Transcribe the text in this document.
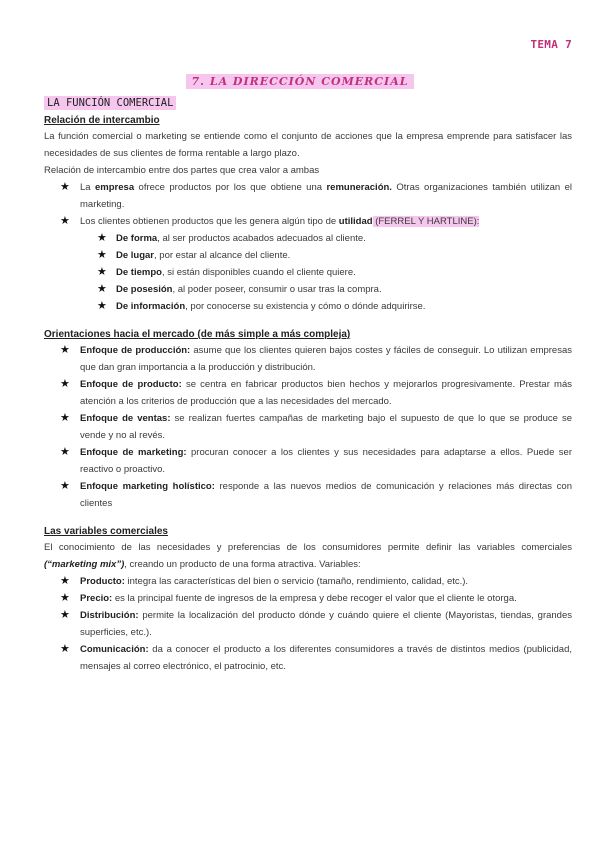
TEMA 7
7. LA DIRECCIÓN COMERCIAL
LA FUNCIÓN COMERCIAL
Relación de intercambio

La función comercial o marketing se entiende como el conjunto de acciones que la empresa emprende para satisfacer las necesidades de sus clientes de forma rentable a largo plazo.

Relación de intercambio entre dos partes que crea valor a ambas

★ La empresa ofrece productos por los que obtiene una remuneración. Otras organizaciones también utilizan el marketing.
★ Los clientes obtienen productos que les genera algún tipo de utilidad (FERREL Y HARTLINE):
★ De forma, al ser productos acabados adecuados al cliente.
★ De lugar, por estar al alcance del cliente.
★ De tiempo, si están disponibles cuando el cliente quiere.
★ De posesión, al poder poseer, consumir o usar tras la compra.
★ De información, por conocerse su existencia y cómo o dónde adquirirse.
Orientaciones hacia el mercado (de más simple a más compleja)
★ Enfoque de producción: asume que los clientes quieren bajos costes y fáciles de conseguir. Lo utilizan empresas que dan gran importancia a la producción y distribución.
★ Enfoque de producto: se centra en fabricar productos bien hechos y mejorarlos progresivamente. Prestar más atención a los criterios de producción que a las necesidades del mercado.
★ Enfoque de ventas: se realizan fuertes campañas de marketing bajo el supuesto de que lo que se produce se vende y no al revés.
★ Enfoque de marketing: procuran conocer a los clientes y sus necesidades para adaptarse a ellos. Puede ser reactivo o proactivo.
★ Enfoque marketing holístico: responde a las nuevos medios de comunicación y relaciones más directas con clientes
Las variables comerciales

El conocimiento de las necesidades y preferencias de los consumidores permite definir las variables comerciales (“marketing mix”), creando un producto de una forma atractiva. Variables:

★ Producto: integra las características del bien o servicio (tamaño, rendimiento, calidad, etc.).
★ Precio: es la principal fuente de ingresos de la empresa y debe recoger el valor que el cliente le otorga.
★ Distribución: permite la localización del producto dónde y cuándo quiere el cliente (Mayoristas, tiendas, grandes superficies, etc.).
★ Comunicación: da a conocer el producto a los diferentes consumidores a través de distintos medios (publicidad, mensajes al correo electrónico, el patrocinio, etc.
